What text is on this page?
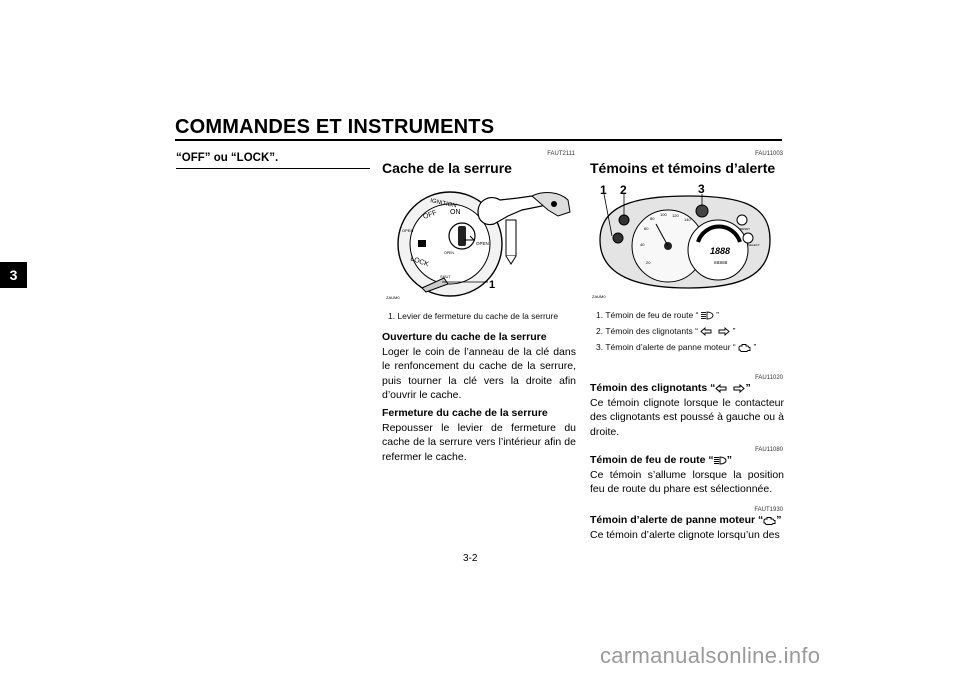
COMMANDES ET INSTRUMENTS
3
“OFF” ou “LOCK”.	FAUT2111
Cache de la serrure
IGNITION
OFF ON
OPEN
LOCK
OPEN
OPEN
SHUT
1
ZAUM0
1. Levier de fermeture du cache de la serrure
Ouverture du cache de la serrure
Loger le coin de l’anneau de la clé dans le renfoncement du cache de la serrure, puis tourner la clé vers la droite afin d’ouvrir le cache.
Fermeture du cache de la serrure
Repousser le levier de fermeture du cache de la serrure vers l’intérieur afin de refermer le cache.
FAU11003
Témoins et témoins d’alerte
20
40
60
80
100 120
140
1888
88888
RESET
SELECT
1 2	3
ZAUM0
1. Témoin de feu de route “ ”
2. Témoin des clignotants “	”
3. Témoin d’alerte de panne moteur “ ”
FAU11020
Témoin des clignotants “	”
Ce témoin clignote lorsque le contacteur des clignotants est poussé à gauche ou à droite.
FAU11080
Témoin de feu de route “ ”
Ce témoin s’allume lorsque la position feu de route du phare est sélectionnée.
FAUT1930
Témoin d’alerte de panne moteur “ ”
Ce témoin d’alerte clignote lorsqu’un des
3-2
carmanualsonline.info
